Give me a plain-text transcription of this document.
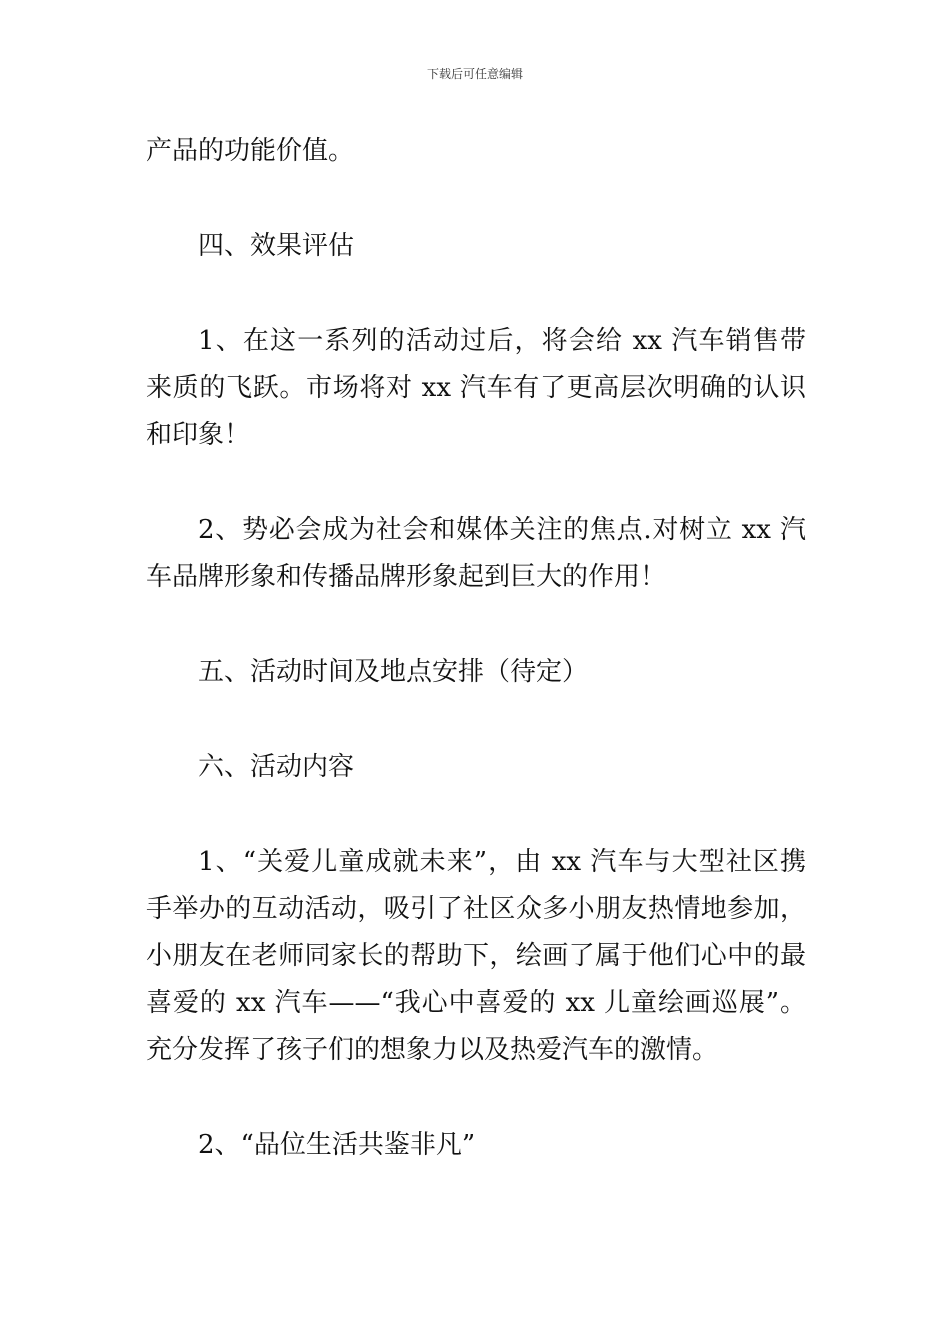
下载后可任意编辑

产品的功能价值。

四、效果评估

1、在这一系列的活动过后，将会给 xx 汽车销售带来质的飞跃。市场将对 xx 汽车有了更高层次明确的认识和印象！

2、势必会成为社会和媒体关注的焦点.对树立 xx 汽车品牌形象和传播品牌形象起到巨大的作用！

五、活动时间及地点安排（待定）

六、活动内容

1、“关爱儿童成就未来”，由 xx 汽车与大型社区携手举办的互动活动，吸引了社区众多小朋友热情地参加，小朋友在老师同家长的帮助下，绘画了属于他们心中的最喜爱的 xx 汽车——“我心中喜爱的 xx 儿童绘画巡展”。充分发挥了孩子们的想象力以及热爱汽车的激情。

2、“品位生活共鉴非凡”
